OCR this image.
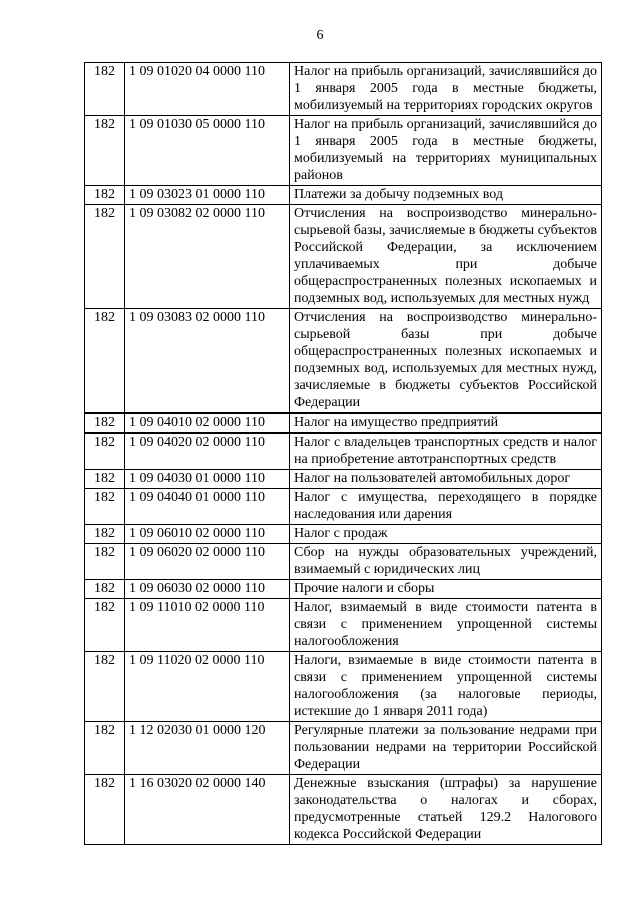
6
182	1 09 01020 04 0000 110	Налог на прибыль организаций, зачислявшийся до 1 января 2005 года в местные бюджеты, мобилизуемый на территориях городских округов
182	1 09 01030 05 0000 110	Налог на прибыль организаций, зачислявшийся до 1 января 2005 года в местные бюджеты, мобилизуемый на территориях муниципальных районов
182	1 09 03023 01 0000 110	Платежи за добычу подземных вод
182	1 09 03082 02 0000 110	Отчисления на воспроизводство минерально-сырьевой базы, зачисляемые в бюджеты субъектов Российской Федерации, за исключением уплачиваемых при добыче общераспространенных полезных ископаемых и подземных вод, используемых для местных нужд
182	1 09 03083 02 0000 110	Отчисления на воспроизводство минерально-сырьевой базы при добыче общераспространенных полезных ископаемых и подземных вод, используемых для местных нужд, зачисляемые в бюджеты субъектов Российской Федерации
182	1 09 04010 02 0000 110	Налог на имущество предприятий
182	1 09 04020 02 0000 110	Налог с владельцев транспортных средств и налог на приобретение автотранспортных средств
182	1 09 04030 01 0000 110	Налог на пользователей автомобильных дорог
182	1 09 04040 01 0000 110	Налог с имущества, переходящего в порядке наследования или дарения
182	1 09 06010 02 0000 110	Налог с продаж
182	1 09 06020 02 0000 110	Сбор на нужды образовательных учреждений, взимаемый с юридических лиц
182	1 09 06030 02 0000 110	Прочие налоги и сборы
182	1 09 11010 02 0000 110	Налог, взимаемый в виде стоимости патента в связи с применением упрощенной системы налогообложения
182	1 09 11020 02 0000 110	Налоги, взимаемые в виде стоимости патента в связи с применением упрощенной системы налогообложения (за налоговые периоды, истекшие до 1 января 2011 года)
182	1 12 02030 01 0000 120	Регулярные платежи за пользование недрами при пользовании недрами на территории Российской Федерации
182	1 16 03020 02 0000 140	Денежные взыскания (штрафы) за нарушение законодательства о налогах и сборах, предусмотренные статьей 129.2 Налогового кодекса Российской Федерации
